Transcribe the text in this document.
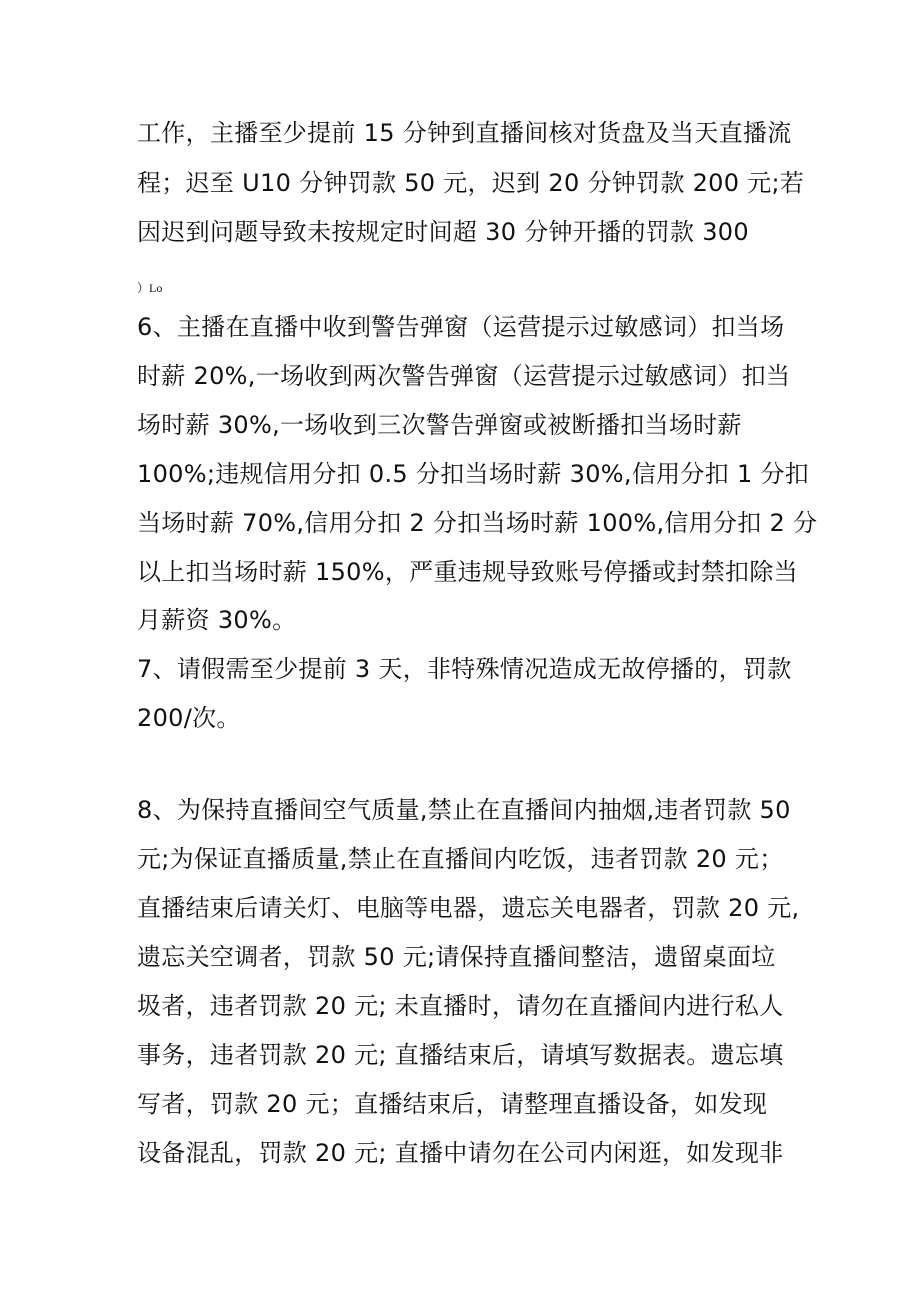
工作，主播至少提前 15 分钟到直播间核对货盘及当天直播流
程；迟至 U10 分钟罚款 50 元，迟到 20 分钟罚款 200 元;若
因迟到问题导致未按规定时间超 30 分钟开播的罚款 300
）Lo
6、主播在直播中收到警告弹窗（运营提示过敏感词）扣当场
时薪 20%,一场收到两次警告弹窗（运营提示过敏感词）扣当
场时薪 30%,一场收到三次警告弹窗或被断播扣当场时薪
100%;违规信用分扣 0.5 分扣当场时薪 30%,信用分扣 1 分扣
当场时薪 70%,信用分扣 2 分扣当场时薪 100%,信用分扣 2 分
以上扣当场时薪 150%，严重违规导致账号停播或封禁扣除当
月薪资 30%。
7、请假需至少提前 3 天，非特殊情况造成无故停播的，罚款
200/次。
8、为保持直播间空气质量,禁止在直播间内抽烟,违者罚款 50
元;为保证直播质量,禁止在直播间内吃饭，违者罚款 20 元；
直播结束后请关灯、电脑等电器，遗忘关电器者，罚款 20 元,
遗忘关空调者，罚款 50 元;请保持直播间整洁，遗留桌面垃
圾者，违者罚款 20 元; 未直播时，请勿在直播间内进行私人
事务，违者罚款 20 元; 直播结束后，请填写数据表。遗忘填
写者，罚款 20 元；直播结束后，请整理直播设备，如发现
设备混乱，罚款 20 元; 直播中请勿在公司内闲逛，如发现非
